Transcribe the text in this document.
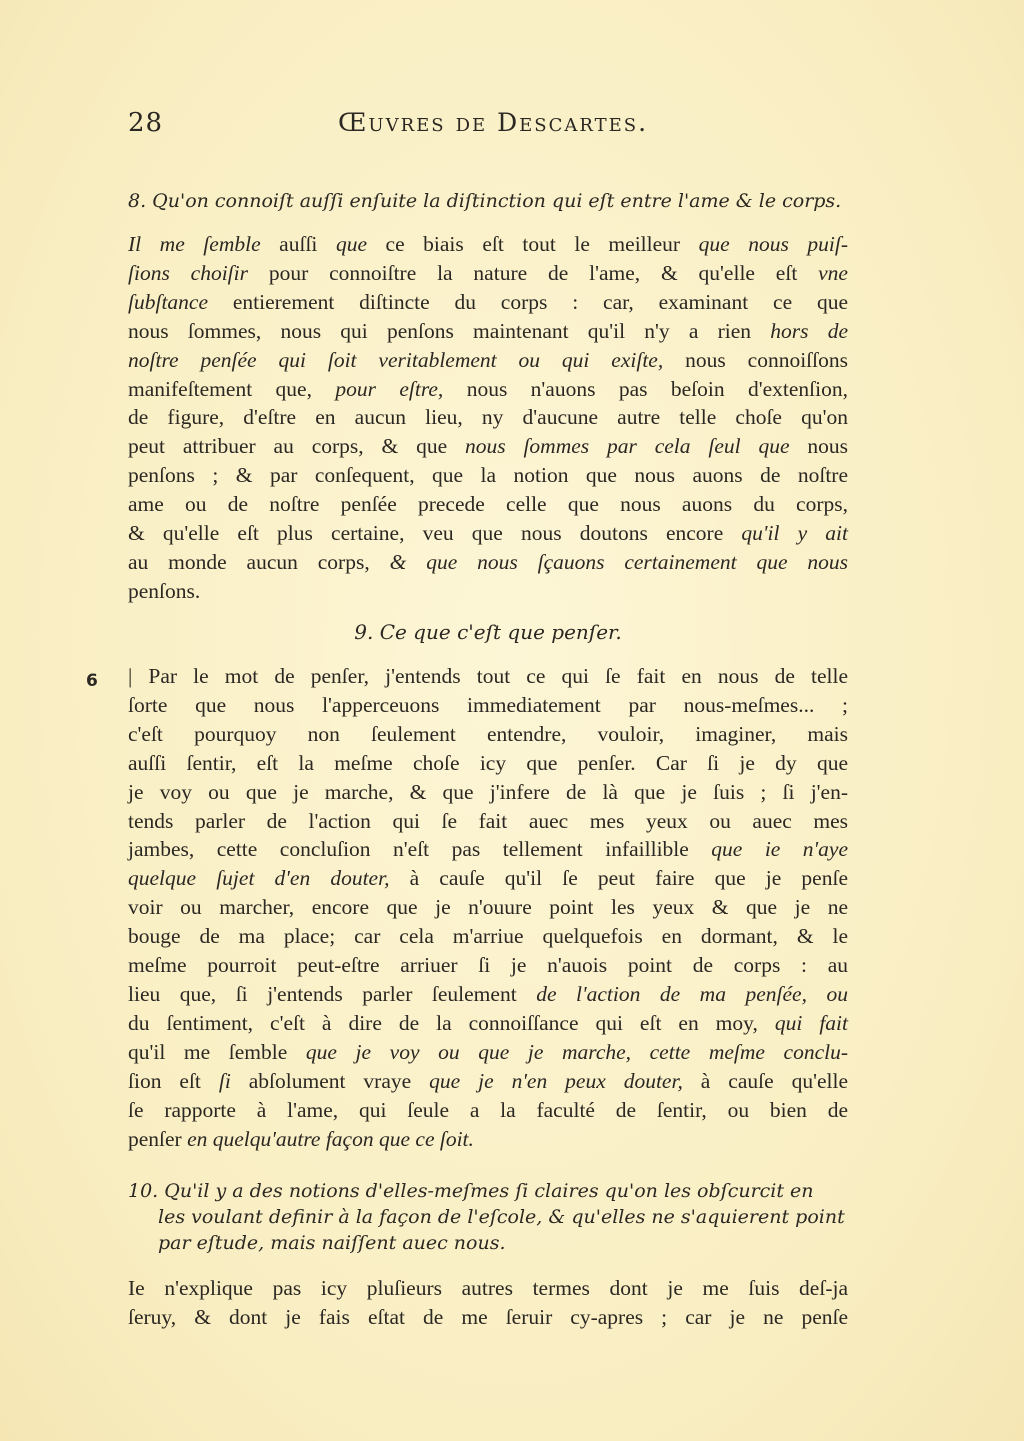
28	Œuvres de Descartes.
8. Qu'on connoiſt auſſi enſuite la diſtinction qui eſt entre l'ame & le corps.
Il me ſemble auſſi que ce biais eſt tout le meilleur que nous puiſ-
ſions choiſir pour connoiſtre la nature de l'ame, & qu'elle eſt vne
ſubſtance entierement diſtincte du corps : car, examinant ce que
nous ſommes, nous qui penſons maintenant qu'il n'y a rien hors de
noſtre penſée qui ſoit veritablement ou qui exiſte, nous connoiſſons
manifeſtement que, pour eſtre, nous n'auons pas beſoin d'extenſion,
de figure, d'eſtre en aucun lieu, ny d'aucune autre telle choſe qu'on
peut attribuer au corps, & que nous ſommes par cela ſeul que nous
penſons ; & par conſequent, que la notion que nous auons de noſtre
ame ou de noſtre penſée precede celle que nous auons du corps,
& qu'elle eſt plus certaine, veu que nous doutons encore qu'il y ait
au monde aucun corps, & que nous ſçauons certainement que nous
penſons.
9. Ce que c'eſt que penſer.
6 | Par le mot de penſer, j'entends tout ce qui ſe fait en nous de telle
ſorte que nous l'apperceuons immediatement par nous-meſmes... ;
c'eſt pourquoy non ſeulement entendre, vouloir, imaginer, mais
auſſi ſentir, eſt la meſme choſe icy que penſer. Car ſi je dy que
je voy ou que je marche, & que j'infere de là que je ſuis ; ſi j'en-
tends parler de l'action qui ſe fait auec mes yeux ou auec mes
jambes, cette concluſion n'eſt pas tellement infaillible que ie n'aye
quelque ſujet d'en douter, à cauſe qu'il ſe peut faire que je penſe
voir ou marcher, encore que je n'ouure point les yeux & que je ne
bouge de ma place; car cela m'arriue quelquefois en dormant, & le
meſme pourroit peut-eſtre arriuer ſi je n'auois point de corps : au
lieu que, ſi j'entends parler ſeulement de l'action de ma penſée, ou
du ſentiment, c'eſt à dire de la connoiſſance qui eſt en moy, qui fait
qu'il me ſemble que je voy ou que je marche, cette meſme conclu-
ſion eſt ſi abſolument vraye que je n'en peux douter, à cauſe qu'elle
ſe rapporte à l'ame, qui ſeule a la faculté de ſentir, ou bien de
penſer en quelqu'autre façon que ce ſoit.
10. Qu'il y a des notions d'elles-meſmes ſi claires qu'on les obſcurcit en
les voulant definir à la façon de l'eſcole, & qu'elles ne s'aquierent point
par eſtude, mais naiſſent auec nous.
Ie n'explique pas icy pluſieurs autres termes dont je me ſuis deſ-ja
ſeruy, & dont je fais eſtat de me ſeruir cy-apres ; car je ne penſe
